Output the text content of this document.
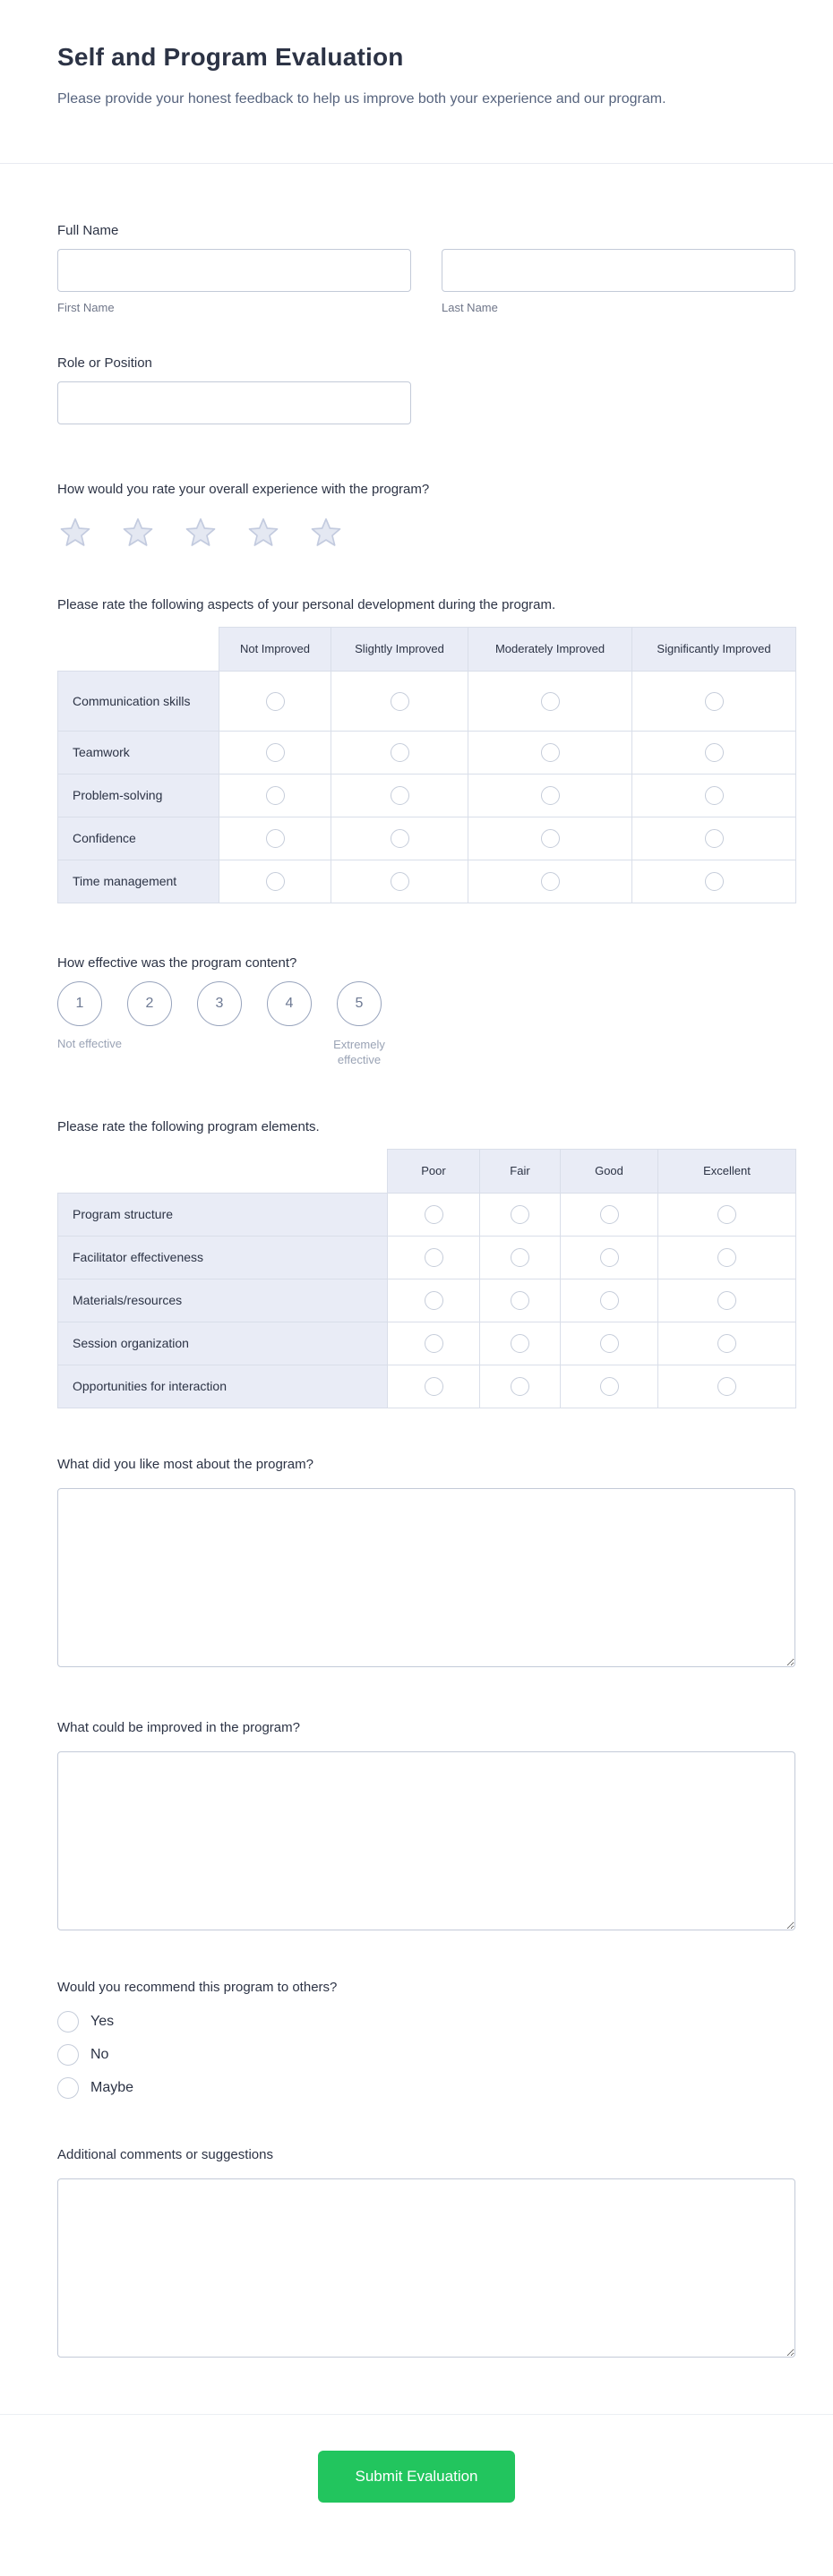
Self and Program Evaluation
Please provide your honest feedback to help us improve both your experience and our program.
Full Name
First Name	Last Name
Role or Position
How would you rate your overall experience with the program?
Please rate the following aspects of your personal development during the program.
	Not Improved	Slightly Improved	Moderately Improved	Significantly Improved
Communication skills				
Teamwork				
Problem-solving				
Confidence				
Time management				
How effective was the program content?
1	2	3	4	5
Not effective	Extremely effective
Please rate the following program elements.
	Poor	Fair	Good	Excellent
Program structure				
Facilitator effectiveness				
Materials/resources				
Session organization				
Opportunities for interaction				
What did you like most about the program?
What could be improved in the program?
Would you recommend this program to others?
Yes
No
Maybe
Additional comments or suggestions
Submit Evaluation
